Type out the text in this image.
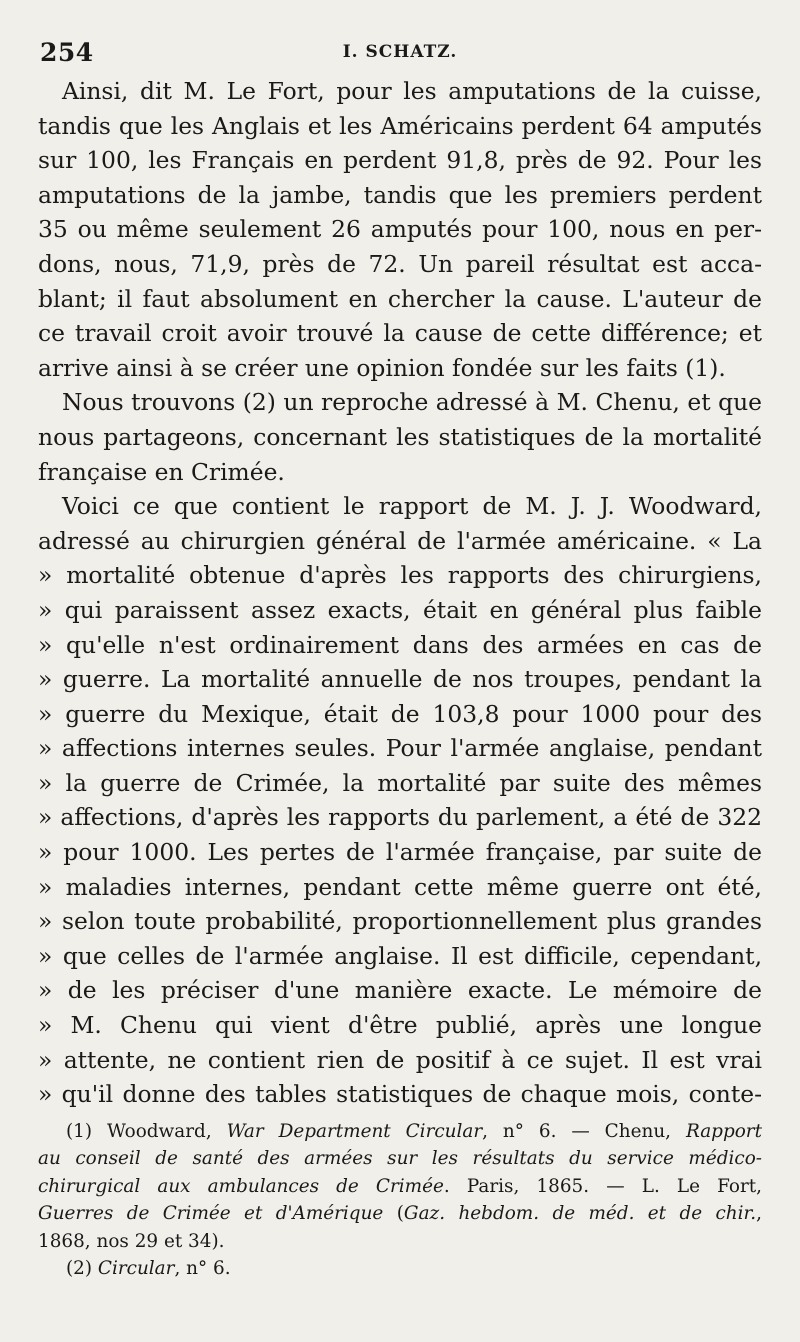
254	I. SCHATZ.
Ainsi, dit M. Le Fort, pour les amputations de la cuisse,
tandis que les Anglais et les Américains perdent 64 amputés
sur 100, les Français en perdent 91,8, près de 92. Pour les
amputations de la jambe, tandis que les premiers perdent
35 ou même seulement 26 amputés pour 100, nous en per-
dons, nous, 71,9, près de 72. Un pareil résultat est acca-
blant; il faut absolument en chercher la cause. L'auteur de
ce travail croit avoir trouvé la cause de cette différence; et
arrive ainsi à se créer une opinion fondée sur les faits (1).
Nous trouvons (2) un reproche adressé à M. Chenu, et que
nous partageons, concernant les statistiques de la mortalité
française en Crimée.
Voici ce que contient le rapport de M. J. J. Woodward,
adressé au chirurgien général de l'armée américaine. « La
» mortalité obtenue d'après les rapports des chirurgiens,
» qui paraissent assez exacts, était en général plus faible
» qu'elle n'est ordinairement dans des armées en cas de
» guerre. La mortalité annuelle de nos troupes, pendant la
» guerre du Mexique, était de 103,8 pour 1000 pour des
» affections internes seules. Pour l'armée anglaise, pendant
» la guerre de Crimée, la mortalité par suite des mêmes
» affections, d'après les rapports du parlement, a été de 322
» pour 1000. Les pertes de l'armée française, par suite de
» maladies internes, pendant cette même guerre ont été,
» selon toute probabilité, proportionnellement plus grandes
» que celles de l'armée anglaise. Il est difficile, cependant,
» de les préciser d'une manière exacte. Le mémoire de
» M. Chenu qui vient d'être publié, après une longue
» attente, ne contient rien de positif à ce sujet. Il est vrai
» qu'il donne des tables statistiques de chaque mois, conte-
(1) Woodward, War Department Circular, n° 6. — Chenu, Rapport
au conseil de santé des armées sur les résultats du service médico-
chirurgical aux ambulances de Crimée. Paris, 1865. — L. Le Fort,
Guerres de Crimée et d'Amérique (Gaz. hebdom. de méd. et de chir.,
1868, nos 29 et 34).
(2) Circular, n° 6.
